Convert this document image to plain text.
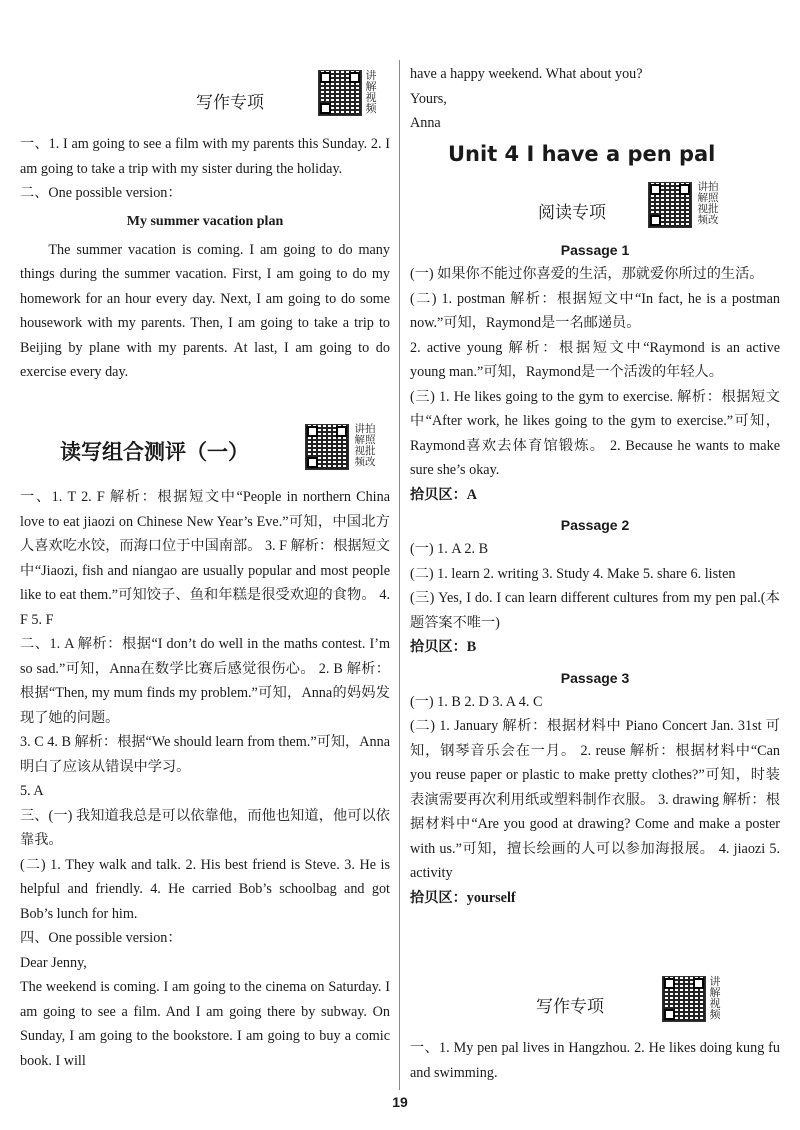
写作专项
讲解视频

一、1. I am going to see a film with my parents this Sunday. 2. I am going to take a trip with my sister during the holiday.

二、One possible version：

My summer vacation plan

The summer vacation is coming. I am going to do many things during the summer vacation. First, I am going to do my homework for an hour every day. Next, I am going to do some housework with my parents. Then, I am going to take a trip to Beijing by plane with my parents. At last, I am going to do exercise every day.

读写组合测评（一）
讲拍解照视批频改

一、1. T 2. F 解析：根据短文中“People in northern China love to eat jiaozi on Chinese New Year’s Eve.”可知，中国北方人喜欢吃水饺，而海口位于中国南部。 3. F 解析：根据短文中“Jiaozi, fish and niangao are usually popular and most people like to eat them.”可知饺子、鱼和年糕是很受欢迎的食物。 4. F 5. F

二、1. A 解析：根据“I don’t do well in the maths contest. I’m so sad.”可知，Anna在数学比赛后感觉很伤心。 2. B 解析：根据“Then, my mum finds my problem.”可知，Anna的妈妈发现了她的问题。

3. C 4. B 解析：根据“We should learn from them.”可知，Anna明白了应该从错误中学习。

5. A

三、(一) 我知道我总是可以依靠他，而他也知道，他可以依靠我。

(二) 1. They walk and talk. 2. His best friend is Steve. 3. He is helpful and friendly. 4. He carried Bob’s schoolbag and got Bob’s lunch for him.

四、One possible version：

Dear Jenny,

The weekend is coming. I am going to the cinema on Saturday. I am going to see a film. And I am going there by subway. On Sunday, I am going to the bookstore. I am going to buy a comic book. I will

have a happy weekend. What about you?

Yours,

Anna

Unit 4 I have a pen pal
阅读专项
讲拍解照视批频改

Passage 1

(一) 如果你不能过你喜爱的生活，那就爱你所过的生活。

(二) 1. postman 解析：根据短文中“In fact, he is a postman now.”可知，Raymond是一名邮递员。

2. active young 解析：根据短文中“Raymond is an active young man.”可知，Raymond是一个活泼的年轻人。

(三) 1. He likes going to the gym to exercise. 解析：根据短文中“After work, he likes going to the gym to exercise.”可知，Raymond喜欢去体育馆锻炼。 2. Because he wants to make sure she’s okay.

拾贝区：A

Passage 2

(一) 1. A 2. B

(二) 1. learn 2. writing 3. Study 4. Make 5. share 6. listen

(三) Yes, I do. I can learn different cultures from my pen pal.(本题答案不唯一)

拾贝区：B

Passage 3

(一) 1. B 2. D 3. A 4. C

(二) 1. January 解析：根据材料中 Piano Concert Jan. 31st 可知，钢琴音乐会在一月。 2. reuse 解析：根据材料中“Can you reuse paper or plastic to make pretty clothes?”可知，时装表演需要再次利用纸或塑料制作衣服。 3. drawing 解析：根据材料中“Are you good at drawing? Come and make a poster with us.”可知，擅长绘画的人可以参加海报展。 4. jiaozi 5. activity

拾贝区：yourself

写作专项
讲解视频

一、1. My pen pal lives in Hangzhou. 2. He likes doing kung fu and swimming.

19
